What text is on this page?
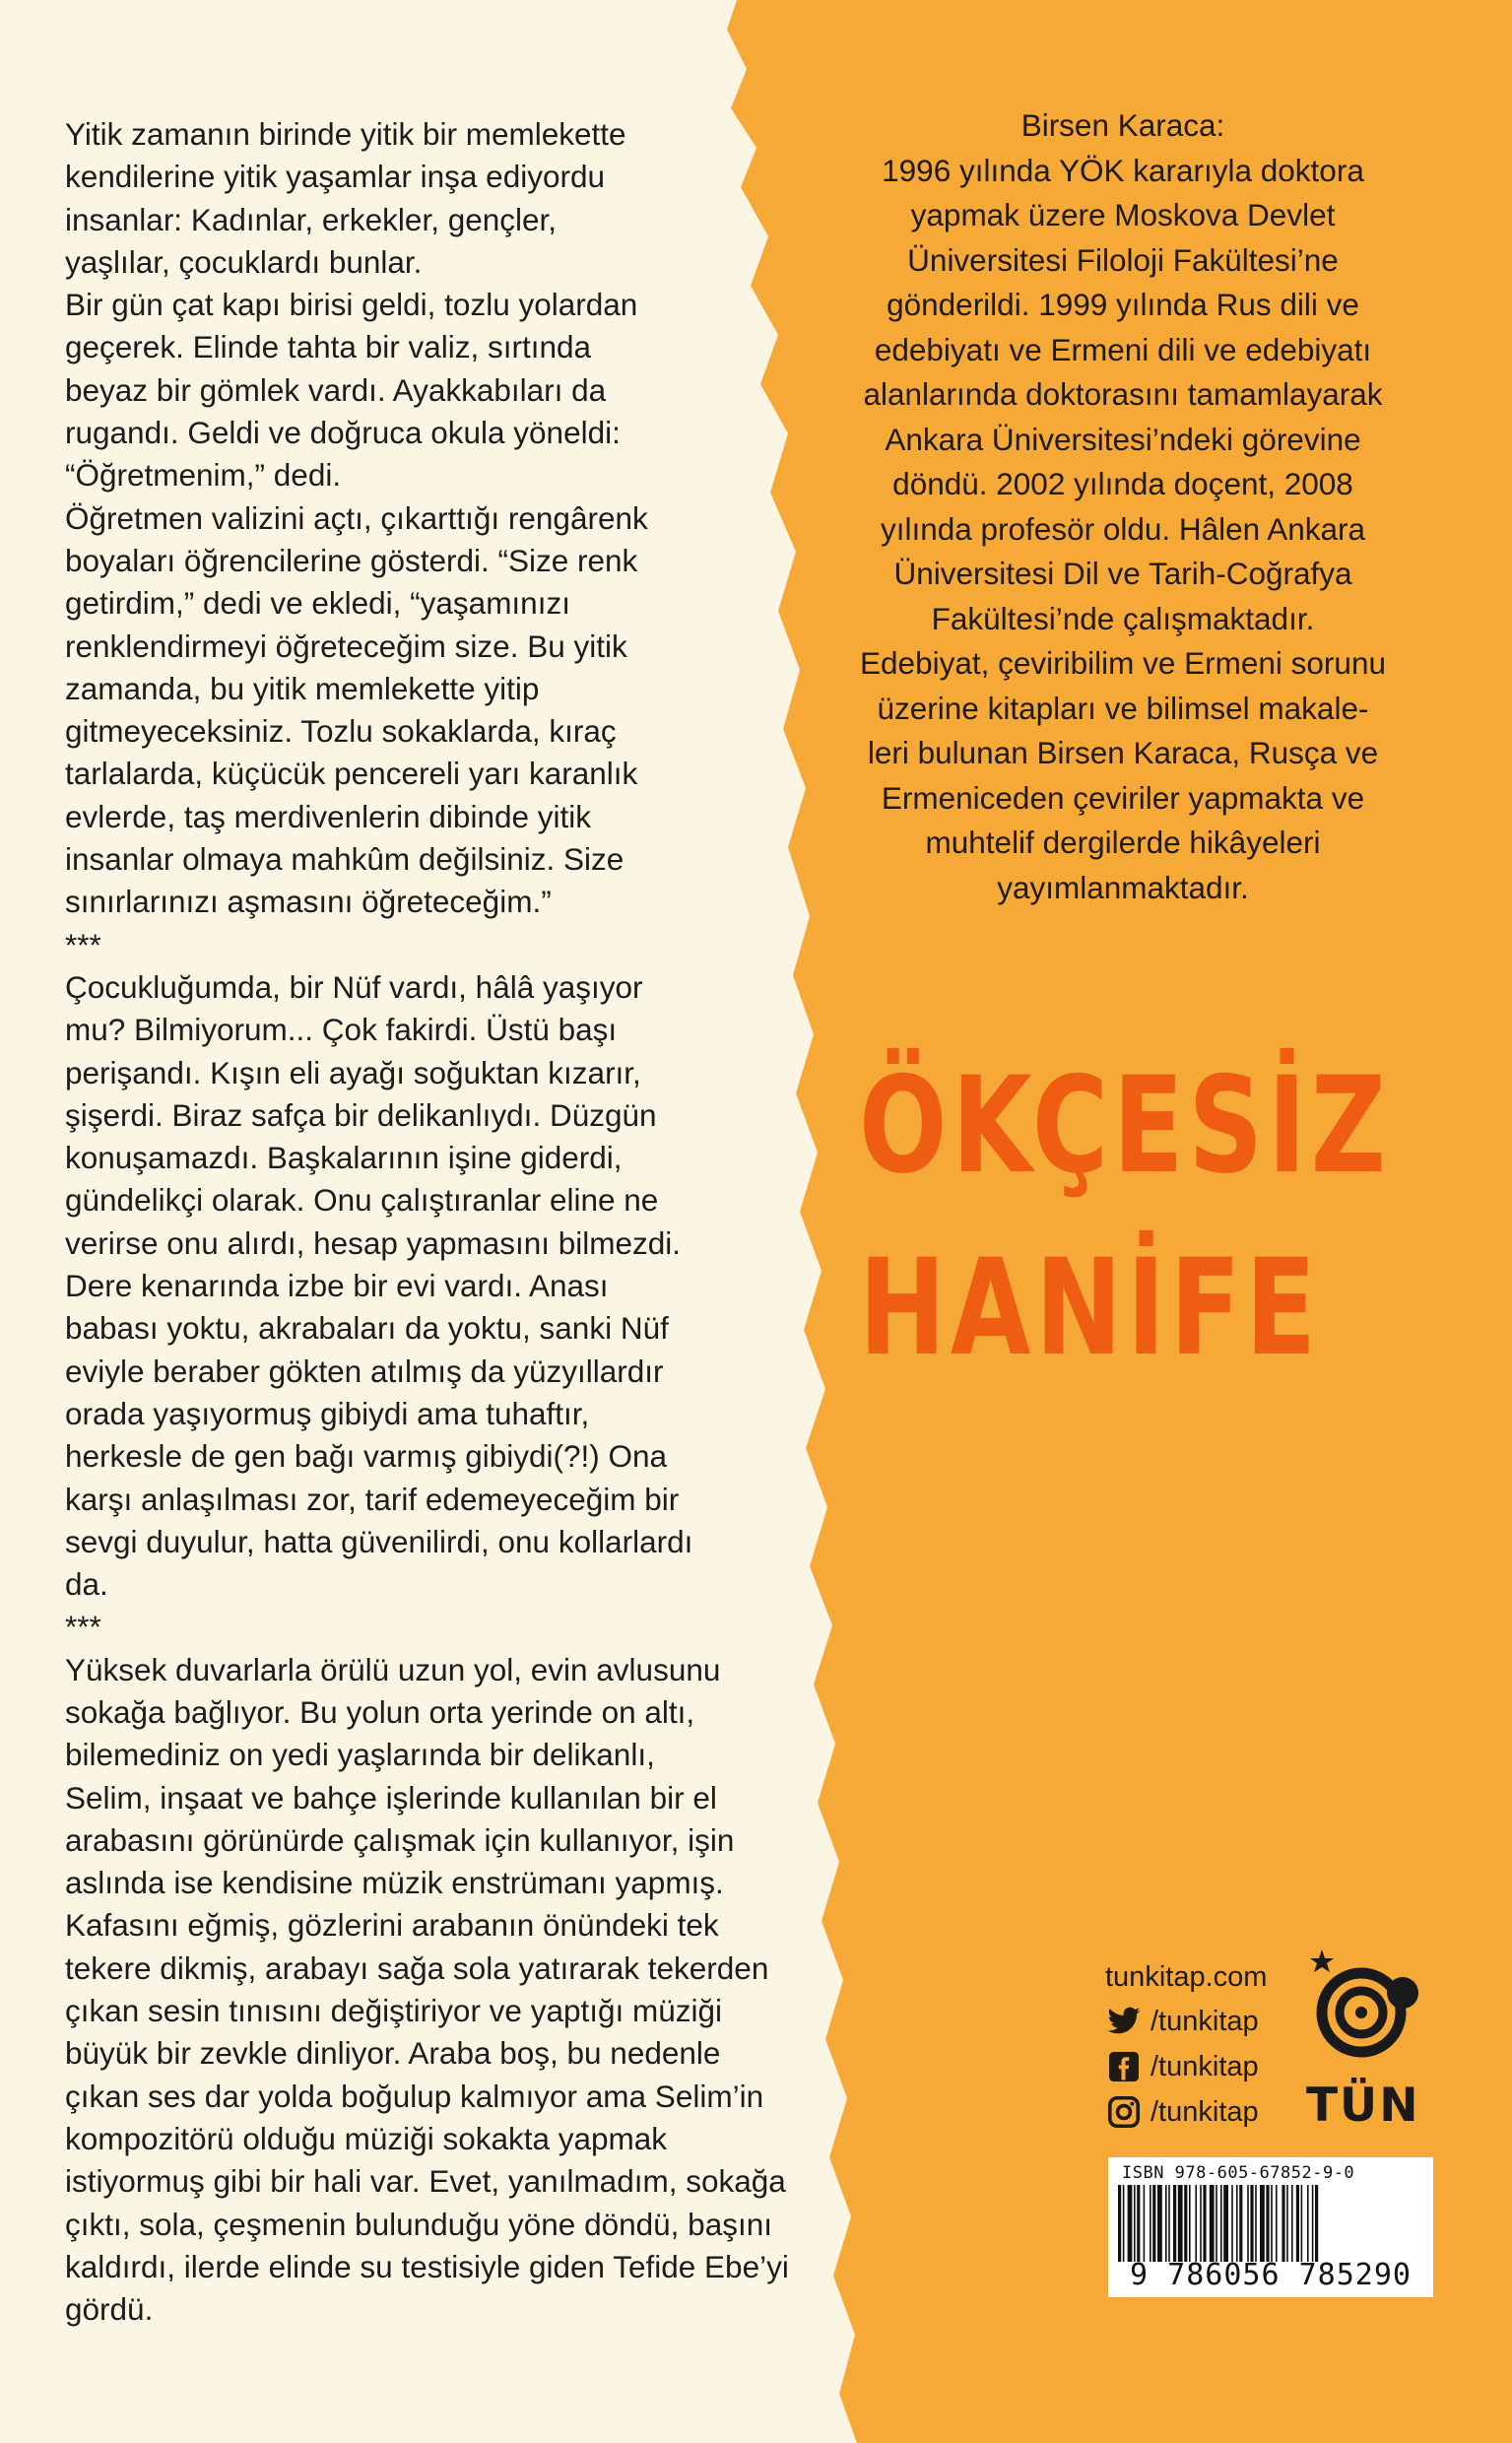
Yitik zamanın birinde yitik bir memlekette

kendilerine yitik yaşamlar inşa ediyordu

insanlar: Kadınlar, erkekler, gençler,

yaşlılar, çocuklardı bunlar.

Bir gün çat kapı birisi geldi, tozlu yolardan

geçerek. Elinde tahta bir valiz, sırtında

beyaz bir gömlek vardı. Ayakkabıları da

rugandı. Geldi ve doğruca okula yöneldi:

“Öğretmenim,” dedi.

Öğretmen valizini açtı, çıkarttığı rengârenk

boyaları öğrencilerine gösterdi. “Size renk

getirdim,” dedi ve ekledi, “yaşamınızı

renklendirmeyi öğreteceğim size. Bu yitik

zamanda, bu yitik memlekette yitip

gitmeyeceksiniz. Tozlu sokaklarda, kıraç

tarlalarda, küçücük pencereli yarı karanlık

evlerde, taş merdivenlerin dibinde yitik

insanlar olmaya mahkûm değilsiniz. Size

sınırlarınızı aşmasını öğreteceğim.”

***

Çocukluğumda, bir Nüf vardı, hâlâ yaşıyor

mu? Bilmiyorum... Çok fakirdi. Üstü başı

perişandı. Kışın eli ayağı soğuktan kızarır,

şişerdi. Biraz safça bir delikanlıydı. Düzgün

konuşamazdı. Başkalarının işine giderdi,

gündelikçi olarak. Onu çalıştıranlar eline ne

verirse onu alırdı, hesap yapmasını bilmezdi.

Dere kenarında izbe bir evi vardı. Anası

babası yoktu, akrabaları da yoktu, sanki Nüf

eviyle beraber gökten atılmış da yüzyıllardır

orada yaşıyormuş gibiydi ama tuhaftır,

herkesle de gen bağı varmış gibiydi(?!) Ona

karşı anlaşılması zor, tarif edemeyeceğim bir

sevgi duyulur, hatta güvenilirdi, onu kollarlardı

da.

***

Yüksek duvarlarla örülü uzun yol, evin avlusunu

sokağa bağlıyor. Bu yolun orta yerinde on altı,

bilemediniz on yedi yaşlarında bir delikanlı,

Selim, inşaat ve bahçe işlerinde kullanılan bir el

arabasını görünürde çalışmak için kullanıyor, işin

aslında ise kendisine müzik enstrümanı yapmış.

Kafasını eğmiş, gözlerini arabanın önündeki tek

tekere dikmiş, arabayı sağa sola yatırarak tekerden

çıkan sesin tınısını değiştiriyor ve yaptığı müziği

büyük bir zevkle dinliyor. Araba boş, bu nedenle

çıkan ses dar yolda boğulup kalmıyor ama Selim’in

kompozitörü olduğu müziği sokakta yapmak

istiyormuş gibi bir hali var. Evet, yanılmadım, sokağa

çıktı, sola, çeşmenin bulunduğu yöne döndü, başını

kaldırdı, ilerde elinde su testisiyle giden Tefide Ebe’yi

gördü.

Birsen Karaca:

1996 yılında YÖK kararıyla doktora

yapmak üzere Moskova Devlet

Üniversitesi Filoloji Fakültesi’ne

gönderildi. 1999 yılında Rus dili ve

edebiyatı ve Ermeni dili ve edebiyatı

alanlarında doktorasını tamamlayarak

Ankara Üniversitesi’ndeki görevine

döndü. 2002 yılında doçent, 2008

yılında profesör oldu. Hâlen Ankara

Üniversitesi Dil ve Tarih-Coğrafya

Fakültesi’nde çalışmaktadır.

Edebiyat, çeviribilim ve Ermeni sorunu

üzerine kitapları ve bilimsel makale-

leri bulunan Birsen Karaca, Rusça ve

Ermeniceden çeviriler yapmakta ve

muhtelif dergilerde hikâyeleri

yayımlanmaktadır.

ÖKÇESİZ
HANİFE
tunkitap.com
/tunkitap
/tunkitap
/tunkitap TÜN
ISBN 978-605-67852-9-0
9 786056 785290
